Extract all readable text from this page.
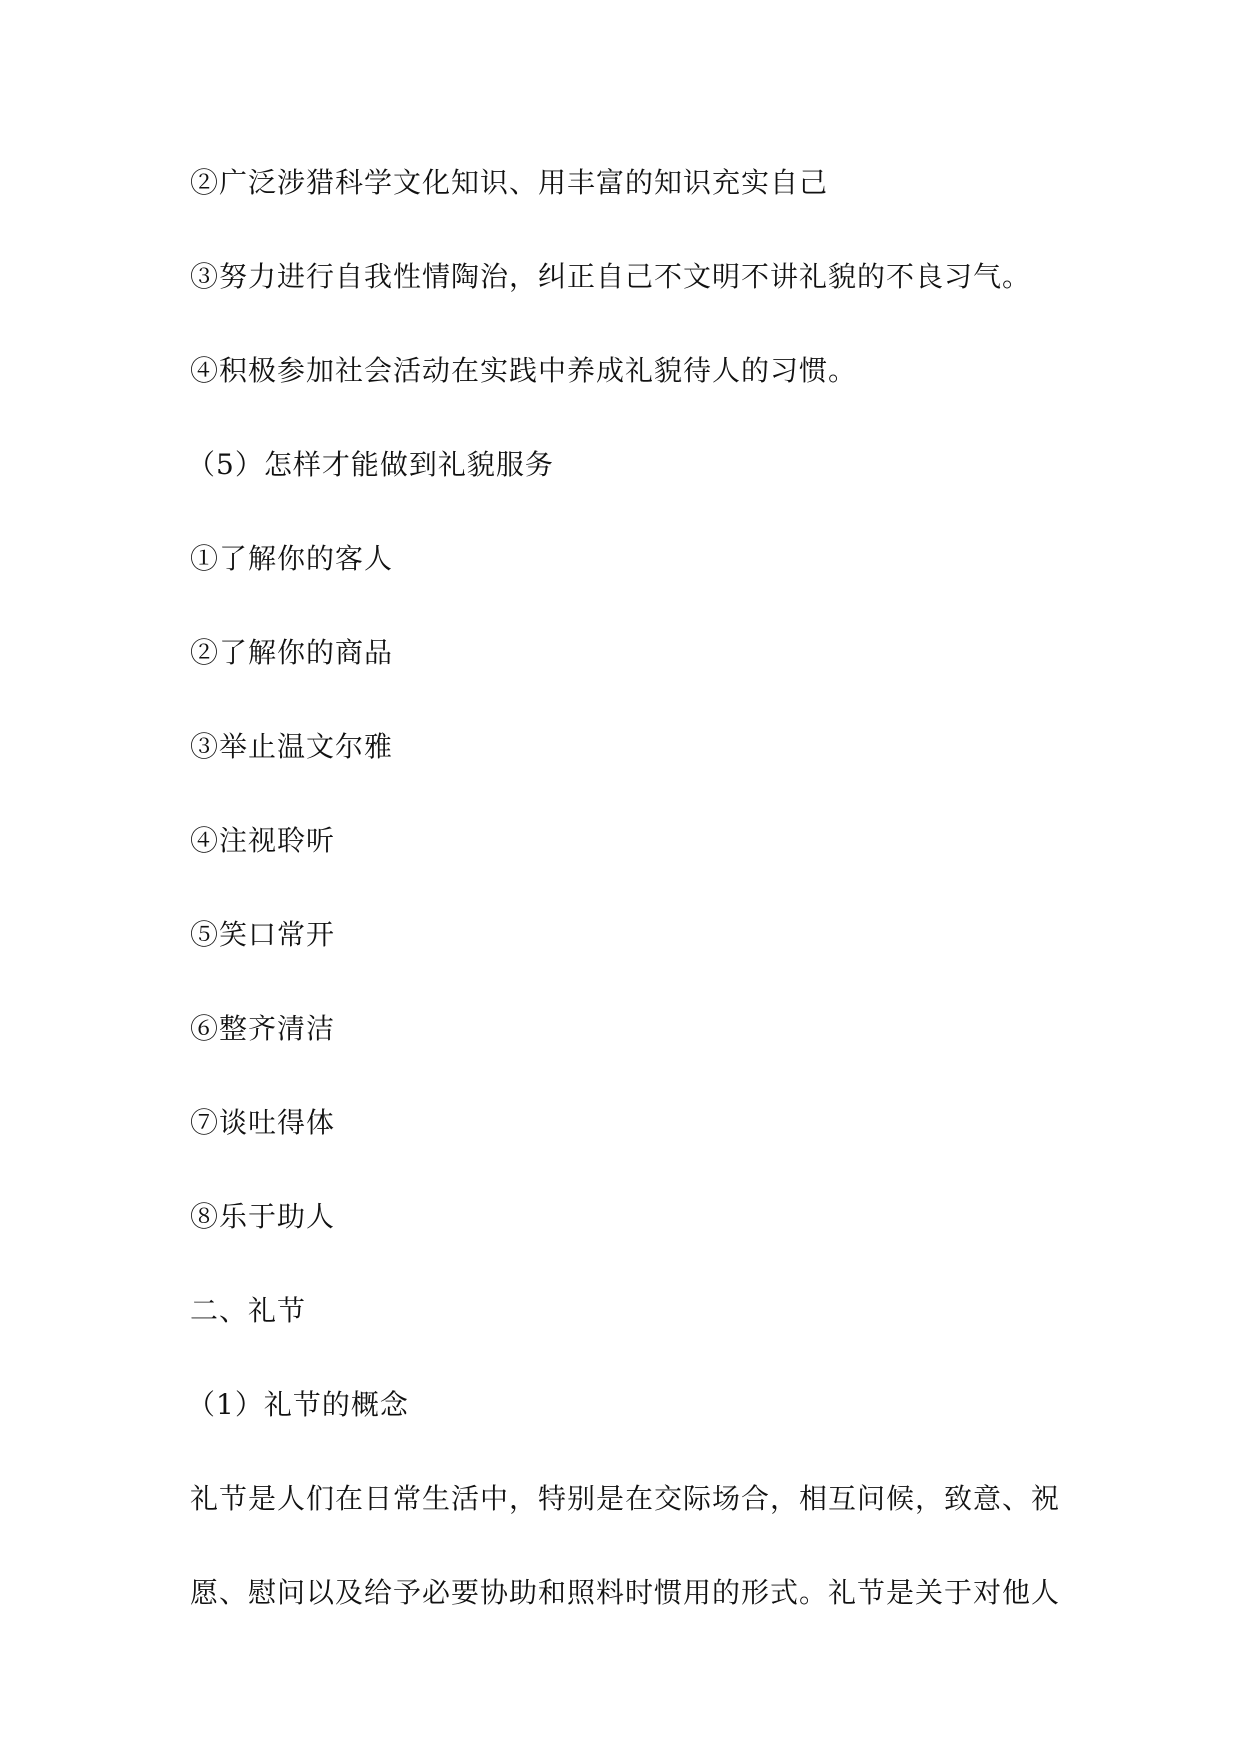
②广泛涉猎科学文化知识、用丰富的知识充实自己
③努力进行自我性情陶治，纠正自己不文明不讲礼貌的不良习气。
④积极参加社会活动在实践中养成礼貌待人的习惯。
（5）怎样才能做到礼貌服务
①了解你的客人
②了解你的商品
③举止温文尔雅
④注视聆听
⑤笑口常开
⑥整齐清洁
⑦谈吐得体
⑧乐于助人
二、礼节
（1）礼节的概念
礼节是人们在日常生活中，特别是在交际场合，相互问候，致意、祝
愿、慰问以及给予必要协助和照料时惯用的形式。礼节是关于对他人
